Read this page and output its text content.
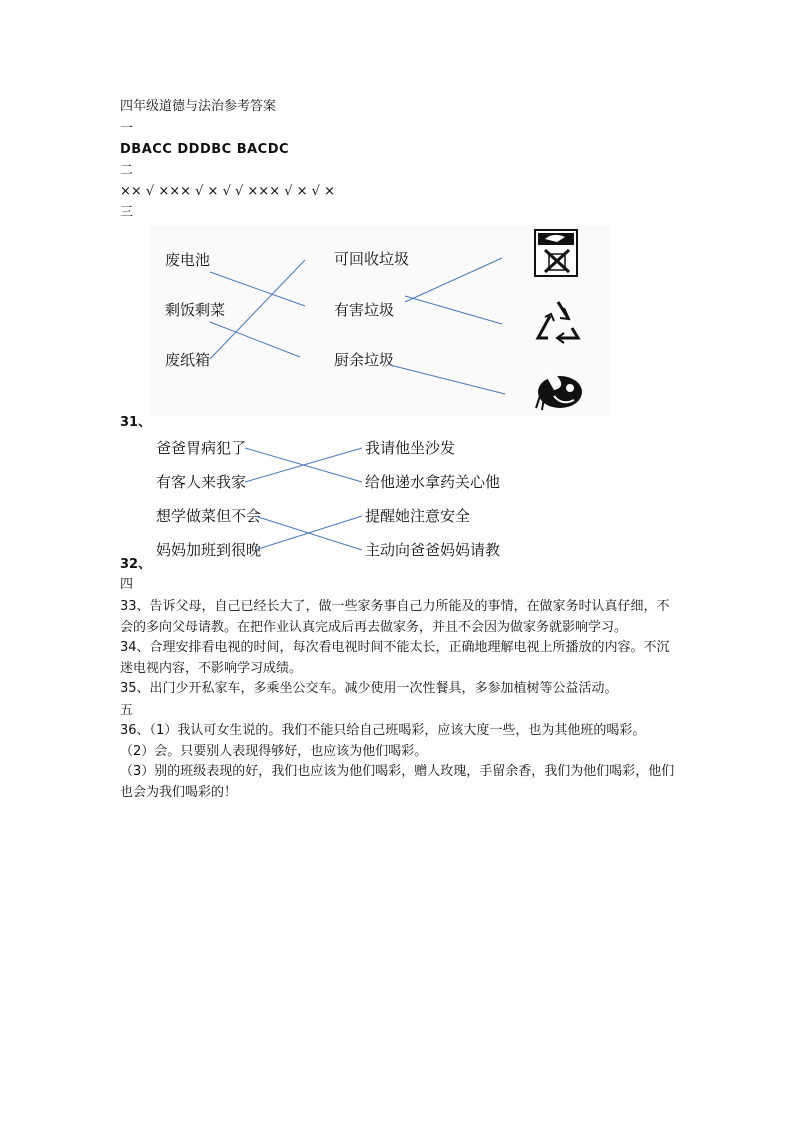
四年级道德与法治参考答案
一
DBACC DDDBC BACDC
二
×× √ ××× √ × √ √ ××× √ × √ ×
三
废电池
剩饭剩菜
废纸箱
可回收垃圾
有害垃圾
厨余垃圾
31、
爸爸胃病犯了
有客人来我家
想学做菜但不会
妈妈加班到很晚
我请他坐沙发
给他递水拿药关心他
提醒她注意安全
主动向爸爸妈妈请教
32、
四

33、告诉父母，自己已经长大了，做一些家务事自己力所能及的事情，在做家务时认真仔细，不会的多向父母请教。在把作业认真完成后再去做家务，并且不会因为做家务就影响学习。

34、合理安排看电视的时间，每次看电视时间不能太长，正确地理解电视上所播放的内容。不沉迷电视内容，不影响学习成绩。

35、出门少开私家车，多乘坐公交车。减少使用一次性餐具，多参加植树等公益活动。

五

36、（1）我认可女生说的。我们不能只给自己班喝彩，应该大度一些，也为其他班的喝彩。

（2）会。只要别人表现得够好，也应该为他们喝彩。

（3）别的班级表现的好，我们也应该为他们喝彩，赠人玫瑰，手留余香，我们为他们喝彩，他们也会为我们喝彩的！
